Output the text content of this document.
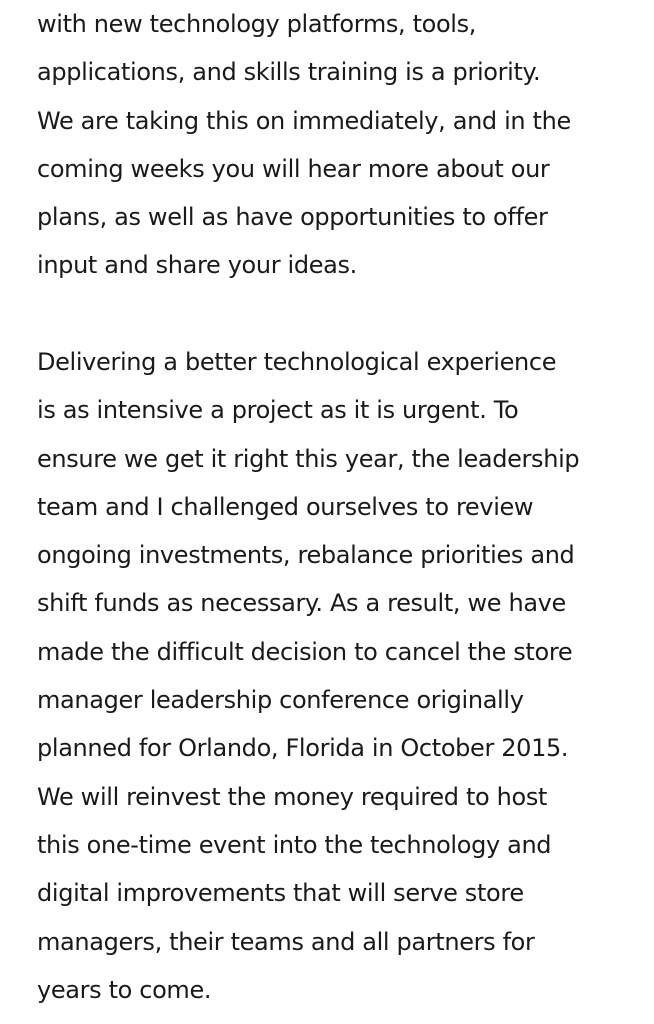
with new technology platforms, tools,
applications, and skills training is a priority.
We are taking this on immediately, and in the
coming weeks you will hear more about our
plans, as well as have opportunities to offer
input and share your ideas.
Delivering a better technological experience
is as intensive a project as it is urgent. To
ensure we get it right this year, the leadership
team and I challenged ourselves to review
ongoing investments, rebalance priorities and
shift funds as necessary. As a result, we have
made the difficult decision to cancel the store
manager leadership conference originally
planned for Orlando, Florida in October 2015.
We will reinvest the money required to host
this one-time event into the technology and
digital improvements that will serve store
managers, their teams and all partners for
years to come.
